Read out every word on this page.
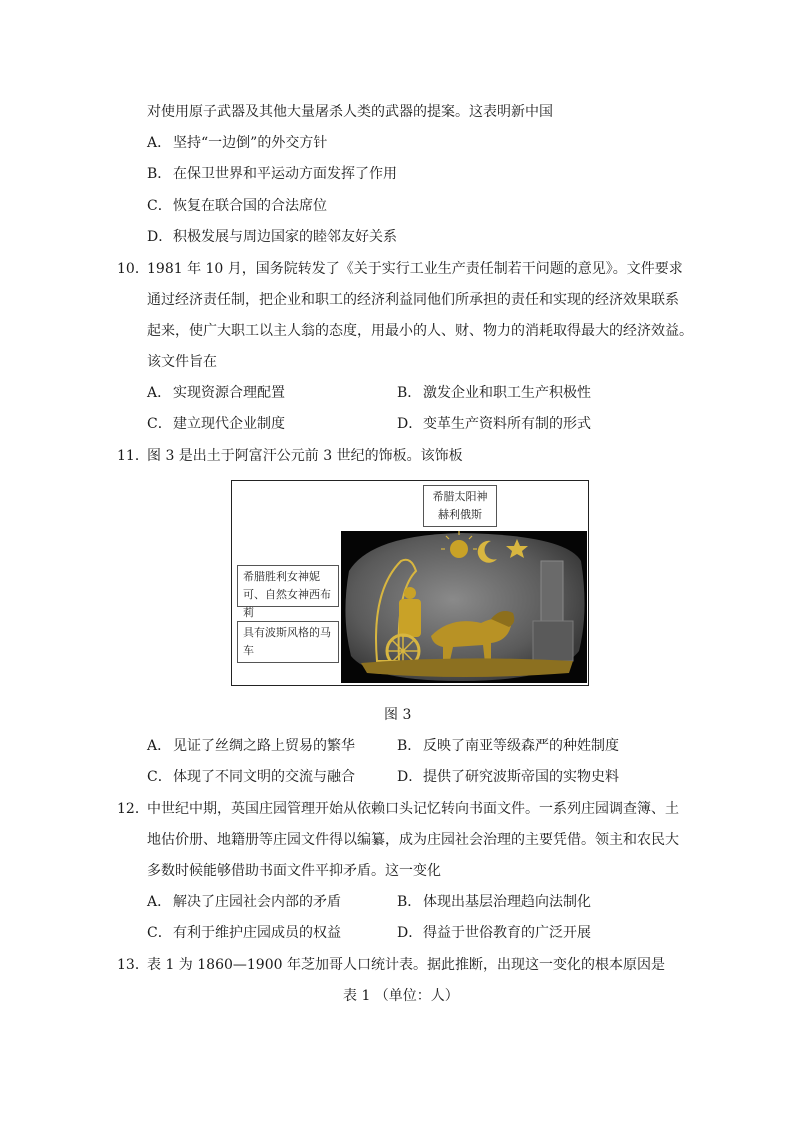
对使用原子武器及其他大量屠杀人类的武器的提案。这表明新中国
A． 坚持“一边倒”的外交方针
B． 在保卫世界和平运动方面发挥了作用
C．恢复在联合国的合法席位
D．积极发展与周边国家的睦邻友好关系
10．
1981 年 10 月，国务院转发了《关于实行工业生产责任制若干问题的意见》。文件要求
通过经济责任制，把企业和职工的经济利益同他们所承担的责任和实现的经济效果联系
起来，使广大职工以主人翁的态度，用最小的人、财、物力的消耗取得最大的经济效益。
该文件旨在
A． 实现资源合理配置	B． 激发企业和职工生产积极性
C．建立现代企业制度	D．变革生产资料所有制的形式
11．
图 3 是出土于阿富汗公元前 3 世纪的饰板。该饰板
希腊太阳神赫利俄斯
希腊胜利女神妮可、自然女神西布莉
具有波斯风格的马车
图 3
A． 见证了丝绸之路上贸易的繁华	B． 反映了南亚等级森严的种姓制度
C．体现了不同文明的交流与融合	D．提供了研究波斯帝国的实物史料
12．
中世纪中期，英国庄园管理开始从依赖口头记忆转向书面文件。一系列庄园调查簿、土
地估价册、地籍册等庄园文件得以编纂，成为庄园社会治理的主要凭借。领主和农民大
多数时候能够借助书面文件平抑矛盾。这一变化
A． 解决了庄园社会内部的矛盾	B． 体现出基层治理趋向法制化
C．有利于维护庄园成员的权益	D．得益于世俗教育的广泛开展
13．
表 1 为 1860—1900 年芝加哥人口统计表。据此推断，出现这一变化的根本原因是
表 1 （单位：人）
